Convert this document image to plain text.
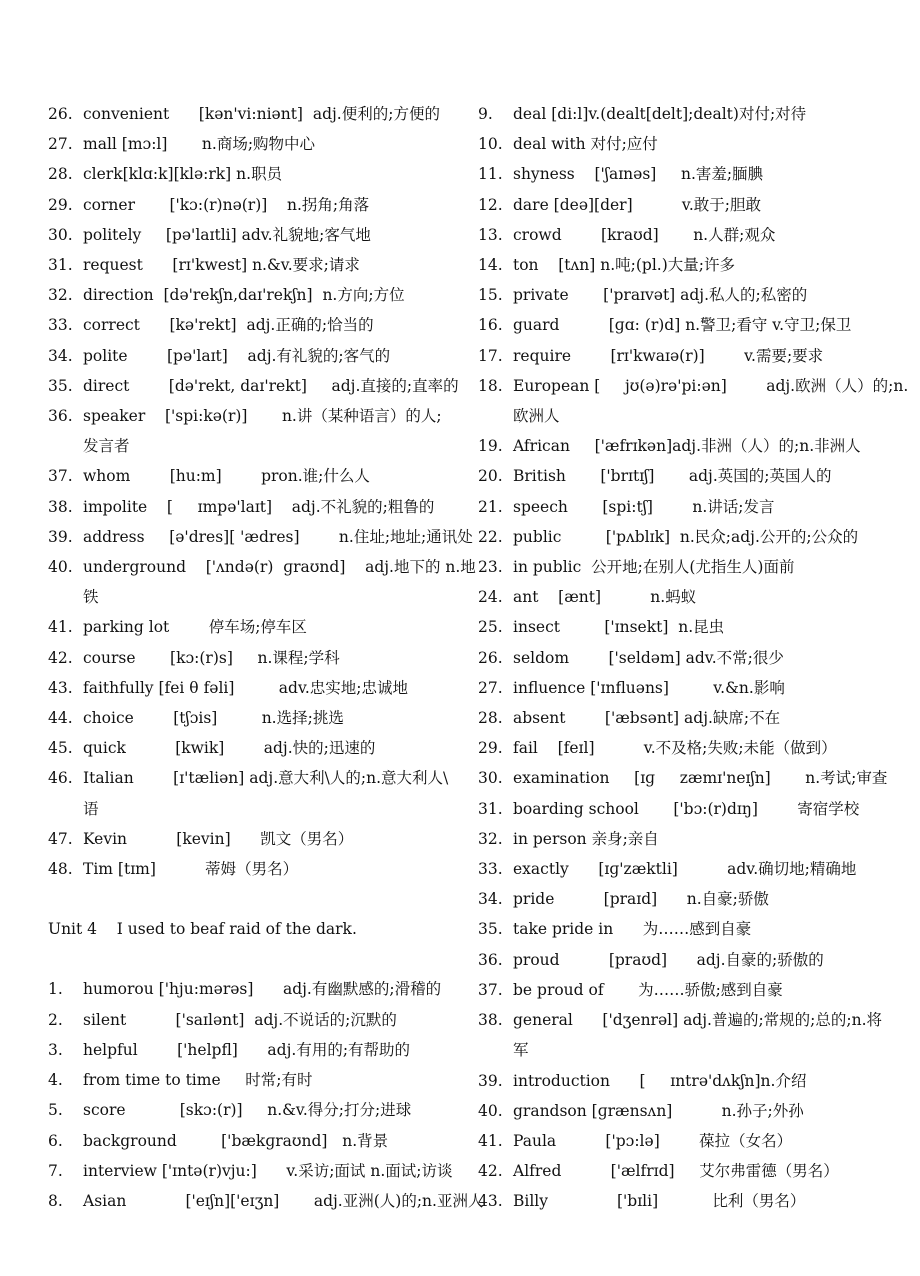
26. convenient      [kən'vi:niənt]  adj.便利的;方便的
27. mall [mɔ:l]       n.商场;购物中心
28. clerk[klɑ:k][klə:rk] n.职员
29. corner       ['kɔ:(r)nə(r)]    n.拐角;角落
30. politely     [pə'laɪtli] adv.礼貌地;客气地
31. request      [rɪ'kwest] n.&v.要求;请求
32. direction  [də'rekʃn,daɪ'rekʃn]  n.方向;方位
33. correct      [kə'rekt]  adj.正确的;恰当的
34. polite        [pə'laɪt]    adj.有礼貌的;客气的
35. direct        [də'rekt, daɪ'rekt]     adj.直接的;直率的
36. speaker    ['spi:kə(r)]       n.讲（某种语言）的人;
发言者
37. whom        [hu:m]        pron.谁;什么人
38. impolite    [     ɪmpə'laɪt]    adj.不礼貌的;粗鲁的
39. address     [ə'dres][ 'ædres]        n.住址;地址;通讯处
40. underground    ['ʌndə(r)  ɡraʊnd]    adj.地下的 n.地
铁
41. parking lot        停车场;停车区
42. course       [kɔ:(r)s]     n.课程;学科
43. faithfully [fei θ fəli]         adv.忠实地;忠诚地
44. choice        [tʃɔis]         n.选择;挑选
45. quick          [kwik]        adj.快的;迅速的
46. Italian        [ɪ'tæliən] adj.意大利\人的;n.意大利人\
语
47. Kevin          [kevin]      凯文（男名）
48. Tim [tɪm]          蒂姆（男名）
Unit 4    I used to beaf raid of the dark.
1.	humorou ['hju:mərəs]      adj.有幽默感的;滑稽的
2.	silent          ['saɪlənt]  adj.不说话的;沉默的
3.	helpful        ['helpfl]      adj.有用的;有帮助的
4.	from time to time     时常;有时
5.	score           [skɔ:(r)]     n.&v.得分;打分;进球
6.	background         ['bækɡraʊnd]   n.背景
7.	interview ['ɪntə(r)vju:]      v.采访;面试 n.面试;访谈
8.	Asian            ['eɪʃn]['eɪʒn]       adj.亚洲(人)的;n.亚洲人
9.	deal [di:l]v.(dealt[delt];dealt)对付;对待
10. deal with 对付;应付
11. shyness    ['ʃaɪnəs]     n.害羞;腼腆
12. dare [deə][der]          v.敢于;胆敢
13. crowd        [kraʊd]       n.人群;观众
14. ton    [tʌn] n.吨;(pl.)大量;许多
15. private       ['praɪvət] adj.私人的;私密的
16. guard          [ɡɑ: (r)d] n.警卫;看守 v.守卫;保卫
17. require        [rɪ'kwaɪə(r)]        v.需要;要求
18. European [     jʊ(ə)rə'pi:ən]        adj.欧洲（人）的;n.
欧洲人
19. African     ['æfrɪkən]adj.非洲（人）的;n.非洲人
20. British       ['brɪtɪʃ]       adj.英国的;英国人的
21. speech       [spi:tʃ]        n.讲话;发言
22. public         ['pʌblɪk]  n.民众;adj.公开的;公众的
23. in public  公开地;在别人(尤指生人)面前
24. ant    [ænt]          n.蚂蚁
25. insect         ['ɪnsekt]  n.昆虫
26. seldom        ['seldəm] adv.不常;很少
27. influence ['ɪnfluəns]         v.&n.影响
28. absent        ['æbsənt] adj.缺席;不在
29. fail    [feɪl]          v.不及格;失败;未能（做到）
30. examination     [ɪɡ     zæmɪ'neɪʃn]       n.考试;审查
31. boarding school       ['bɔ:(r)dɪŋ]        寄宿学校
32. in person 亲身;亲自
33. exactly      [ɪɡ'zæktli]          adv.确切地;精确地
34. pride          [praɪd]      n.自豪;骄傲
35. take pride in      为……感到自豪
36. proud          [praʊd]      adj.自豪的;骄傲的
37. be proud of       为……骄傲;感到自豪
38. general      ['dʒenrəl] adj.普遍的;常规的;总的;n.将
军
39. introduction      [     ɪntrə'dʌkʃn]n.介绍
40. grandson [ɡrænsʌn]          n.孙子;外孙
41. Paula          ['pɔ:lə]        葆拉（女名）
42. Alfred          ['ælfrɪd]     艾尔弗雷德（男名）
43. Billy              ['bɪli]           比利（男名）
